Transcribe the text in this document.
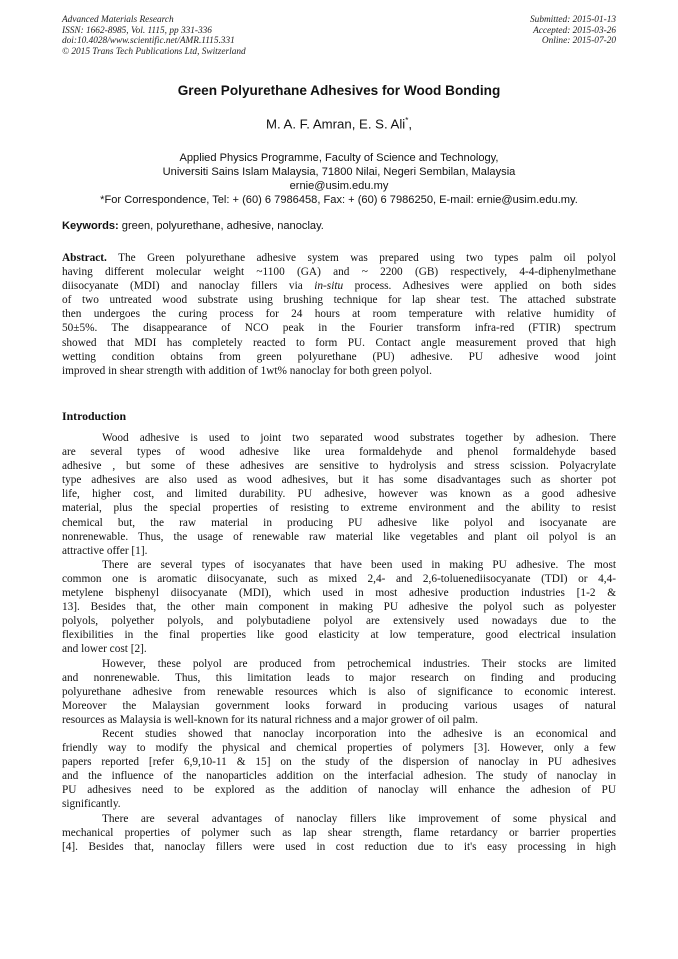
Advanced Materials Research
ISSN: 1662-8985, Vol. 1115, pp 331-336
doi:10.4028/www.scientific.net/AMR.1115.331
© 2015 Trans Tech Publications Ltd, Switzerland
Submitted: 2015-01-13
Accepted: 2015-03-26
Online: 2015-07-20
Green Polyurethane Adhesives for Wood Bonding
M. A. F. Amran, E. S. Ali*,
Applied Physics Programme, Faculty of Science and Technology,
Universiti Sains Islam Malaysia, 71800 Nilai, Negeri Sembilan, Malaysia
ernie@usim.edu.my
*For Correspondence, Tel: + (60) 6 7986458, Fax: + (60) 6 7986250, E-mail: ernie@usim.edu.my.
Keywords: green, polyurethane, adhesive, nanoclay.
Abstract. The Green polyurethane adhesive system was prepared using two types palm oil polyol
having different molecular weight ~1100 (GA) and ~ 2200 (GB) respectively, 4-4-diphenylmethane
diisocyanate (MDI) and nanoclay fillers via in-situ process. Adhesives were applied on both sides
of two untreated wood substrate using brushing technique for lap shear test. The attached substrate
then undergoes the curing process for 24 hours at room temperature with relative humidity of
50±5%. The disappearance of NCO peak in the Fourier transform infra-red (FTIR) spectrum
showed that MDI has completely reacted to form PU. Contact angle measurement proved that high
wetting condition obtains from green polyurethane (PU) adhesive. PU adhesive wood joint
improved in shear strength with addition of 1wt% nanoclay for both green polyol.
Introduction
Wood adhesive is used to joint two separated wood substrates together by adhesion. There
are several types of wood adhesive like urea formaldehyde and phenol formaldehyde based
adhesive , but some of these adhesives are sensitive to hydrolysis and stress scission. Polyacrylate
type adhesives are also used as wood adhesives, but it has some disadvantages such as shorter pot
life, higher cost, and limited durability. PU adhesive, however was known as a good adhesive
material, plus the special properties of resisting to extreme environment and the ability to resist
chemical but, the raw material in producing PU adhesive like polyol and isocyanate are
nonrenewable. Thus, the usage of renewable raw material like vegetables and plant oil polyol is an
attractive offer [1].
There are several types of isocyanates that have been used in making PU adhesive. The most
common one is aromatic diisocyanate, such as mixed 2,4- and 2,6-toluenediisocyanate (TDI) or 4,4-
metylene bisphenyl diisocyanate (MDI), which used in most adhesive production industries [1-2 &
13]. Besides that, the other main component in making PU adhesive the polyol such as polyester
polyols, polyether polyols, and polybutadiene polyol are extensively used nowadays due to the
flexibilities in the final properties like good elasticity at low temperature, good electrical insulation
and lower cost [2].
However, these polyol are produced from petrochemical industries. Their stocks are limited
and nonrenewable. Thus, this limitation leads to major research on finding and producing
polyurethane adhesive from renewable resources which is also of significance to economic interest.
Moreover the Malaysian government looks forward in producing various usages of natural
resources as Malaysia is well-known for its natural richness and a major grower of oil palm.
Recent studies showed that nanoclay incorporation into the adhesive is an economical and
friendly way to modify the physical and chemical properties of polymers [3]. However, only a few
papers reported [refer 6,9,10-11 & 15] on the study of the dispersion of nanoclay in PU adhesives
and the influence of the nanoparticles addition on the interfacial adhesion. The study of nanoclay in
PU adhesives need to be explored as the addition of nanoclay will enhance the adhesion of PU
significantly.
There are several advantages of nanoclay fillers like improvement of some physical and
mechanical properties of polymer such as lap shear strength, flame retardancy or barrier properties
[4]. Besides that, nanoclay fillers were used in cost reduction due to it's easy processing in high
